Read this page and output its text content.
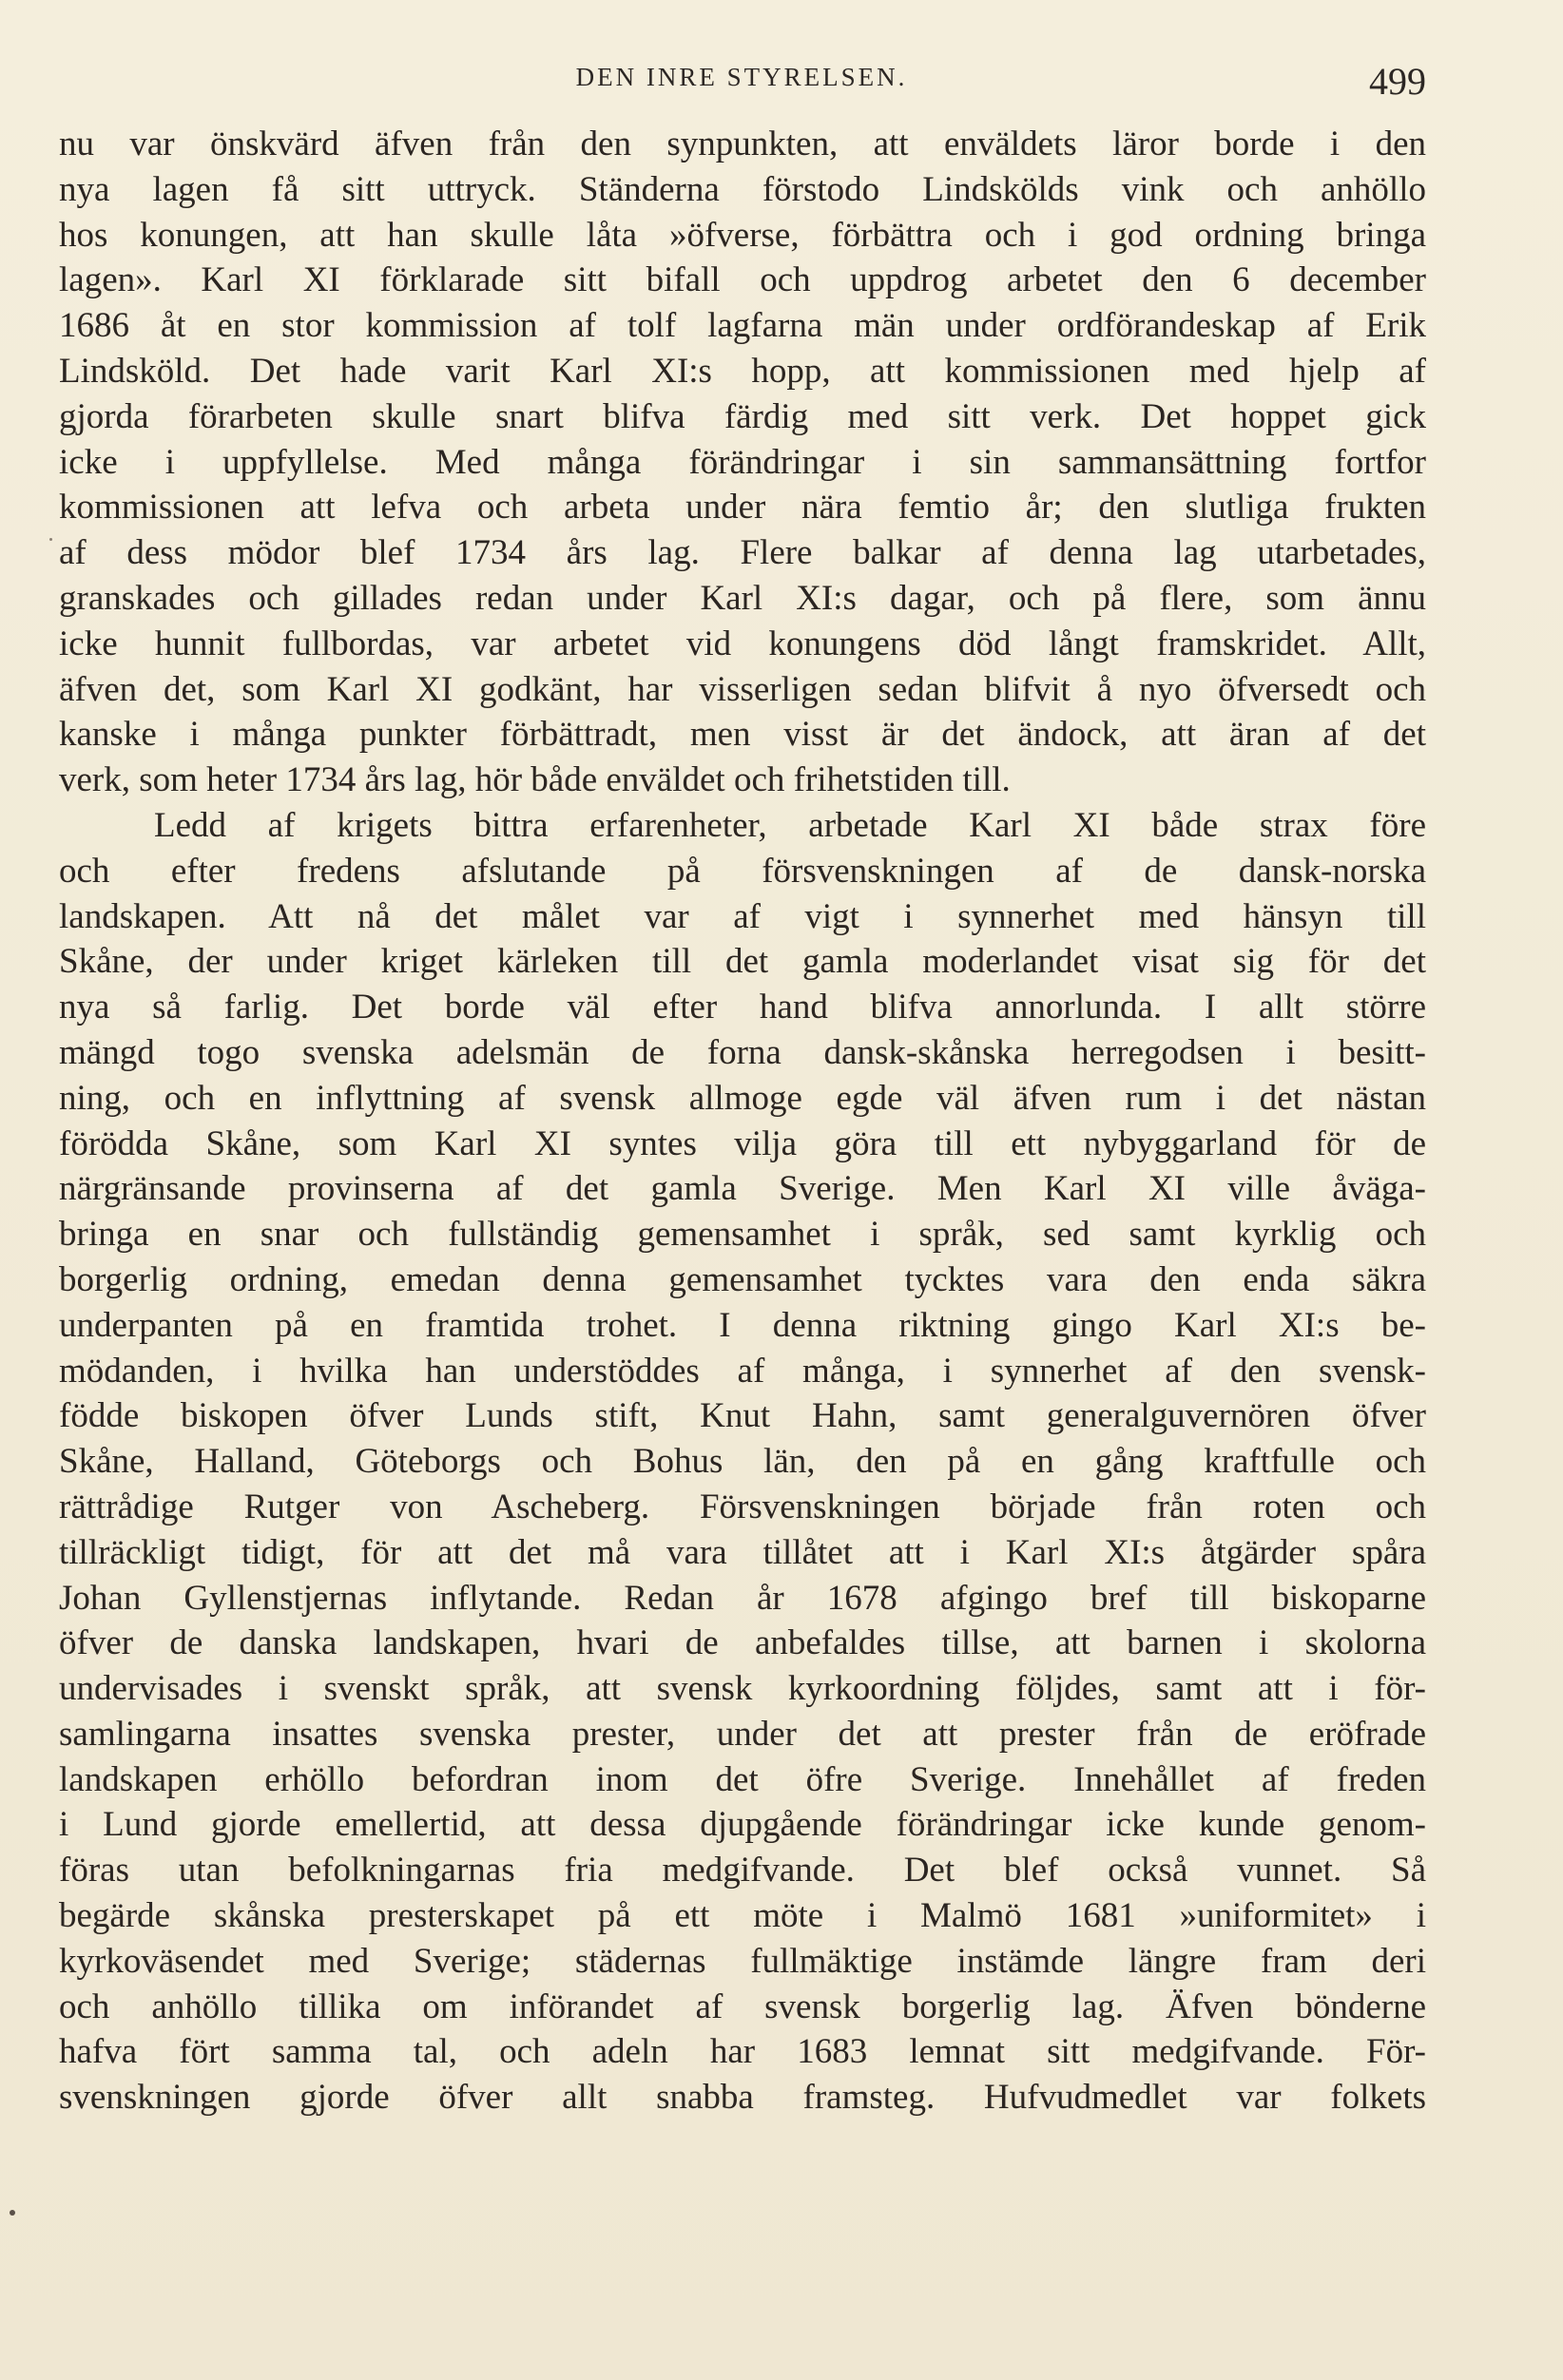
DEN INRE STYRELSEN.	499
nu var önskvärd äfven från den synpunkten, att enväldets läror borde i den
nya lagen få sitt uttryck. Ständerna förstodo Lindskölds vink och anhöllo
hos konungen, att han skulle låta »öfverse, förbättra och i god ordning bringa
lagen». Karl XI förklarade sitt bifall och uppdrog arbetet den 6 december
1686 åt en stor kommission af tolf lagfarna män under ordförandeskap af Erik
Lindsköld. Det hade varit Karl XI:s hopp, att kommissionen med hjelp af
gjorda förarbeten skulle snart blifva färdig med sitt verk. Det hoppet gick
icke i uppfyllelse. Med många förändringar i sin sammansättning fortfor
kommissionen att lefva och arbeta under nära femtio år; den slutliga frukten
af dess mödor blef 1734 års lag. Flere balkar af denna lag utarbetades,
granskades och gillades redan under Karl XI:s dagar, och på flere, som ännu
icke hunnit fullbordas, var arbetet vid konungens död långt framskridet. Allt,
äfven det, som Karl XI godkänt, har visserligen sedan blifvit å nyo öfversedt och
kanske i många punkter förbättradt, men visst är det ändock, att äran af det
verk, som heter 1734 års lag, hör både enväldet och frihetstiden till.
Ledd af krigets bittra erfarenheter, arbetade Karl XI både strax före
och efter fredens afslutande på försvenskningen af de dansk-norska
landskapen. Att nå det målet var af vigt i synnerhet med hänsyn till
Skåne, der under kriget kärleken till det gamla moderlandet visat sig för det
nya så farlig. Det borde väl efter hand blifva annorlunda. I allt större
mängd togo svenska adelsmän de forna dansk-skånska herregodsen i besitt-
ning, och en inflyttning af svensk allmoge egde väl äfven rum i det nästan
förödda Skåne, som Karl XI syntes vilja göra till ett nybyggarland för de
närgränsande provinserna af det gamla Sverige. Men Karl XI ville åväga-
bringa en snar och fullständig gemensamhet i språk, sed samt kyrklig och
borgerlig ordning, emedan denna gemensamhet tycktes vara den enda säkra
underpanten på en framtida trohet. I denna riktning gingo Karl XI:s be-
mödanden, i hvilka han understöddes af många, i synnerhet af den svensk-
födde biskopen öfver Lunds stift, Knut Hahn, samt generalguvernören öfver
Skåne, Halland, Göteborgs och Bohus län, den på en gång kraftfulle och
rättrådige Rutger von Ascheberg. Försvenskningen började från roten och
tillräckligt tidigt, för att det må vara tillåtet att i Karl XI:s åtgärder spåra
Johan Gyllenstjernas inflytande. Redan år 1678 afgingo bref till biskoparne
öfver de danska landskapen, hvari de anbefaldes tillse, att barnen i skolorna
undervisades i svenskt språk, att svensk kyrkoordning följdes, samt att i för-
samlingarna insattes svenska prester, under det att prester från de eröfrade
landskapen erhöllo befordran inom det öfre Sverige. Innehållet af freden
i Lund gjorde emellertid, att dessa djupgående förändringar icke kunde genom-
föras utan befolkningarnas fria medgifvande. Det blef också vunnet. Så
begärde skånska presterskapet på ett möte i Malmö 1681 »uniformitet» i
kyrkoväsendet med Sverige; städernas fullmäktige instämde längre fram deri
och anhöllo tillika om införandet af svensk borgerlig lag. Äfven bönderne
hafva fört samma tal, och adeln har 1683 lemnat sitt medgifvande. För-
svenskningen gjorde öfver allt snabba framsteg. Hufvudmedlet var folkets
